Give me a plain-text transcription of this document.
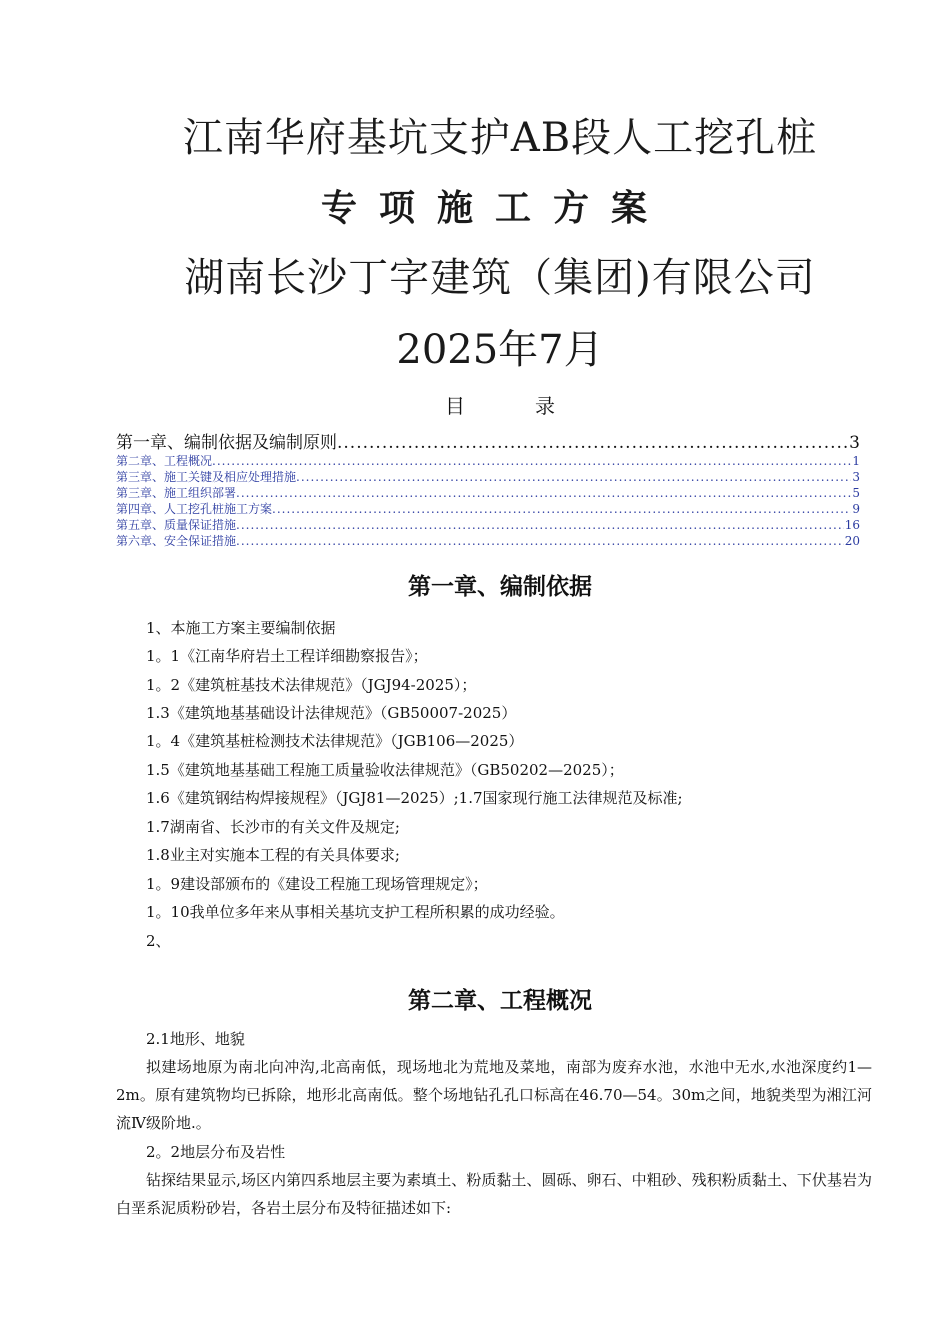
江南华府基坑支护AB段人工挖孔桩
专项施工方案
湖南长沙丁字建筑（集团)有限公司
2025年7月
目	录
第一章、编制依据及编制原则 .....	3
第二章、工程概况 .....	1
第三章、施工关键及相应处理措施 .....	3
第三章、施工组织部署 .....	5
第四章、人工挖孔桩施工方案 .....	9
第五章、质量保证措施 .....	16
第六章、安全保证措施 .....	20
第一章、编制依据
1、本施工方案主要编制依据
1。1《江南华府岩土工程详细勘察报告》；
1。2《建筑桩基技术法律规范》（JGJ94-2025）；
1.3《建筑地基基础设计法律规范》（GB50007-2025）
1。4《建筑基桩检测技术法律规范》（JGB106—2025）
1.5《建筑地基基础工程施工质量验收法律规范》（GB50202—2025）；
1.6《建筑钢结构焊接规程》（JGJ81—2025）;1.7国家现行施工法律规范及标准;
1.7湖南省、长沙市的有关文件及规定;
1.8业主对实施本工程的有关具体要求;
1。9建设部颁布的《建设工程施工现场管理规定》；
1。10我单位多年来从事相关基坑支护工程所积累的成功经验。
2、
第二章、工程概况
2.1地形、地貌
拟建场地原为南北向冲沟,北高南低，现场地北为荒地及菜地，南部为废弃水池，水池中无水,水池深度约1—2m。原有建筑物均已拆除，地形北高南低。整个场地钻孔孔口标高在46.70—54。30m之间，地貌类型为湘江河流Ⅳ级阶地.。
2。2地层分布及岩性
钻探结果显示,场区内第四系地层主要为素填土、粉质黏土、圆砾、卵石、中粗砂、残积粉质黏土、下伏基岩为白垩系泥质粉砂岩，各岩土层分布及特征描述如下:
